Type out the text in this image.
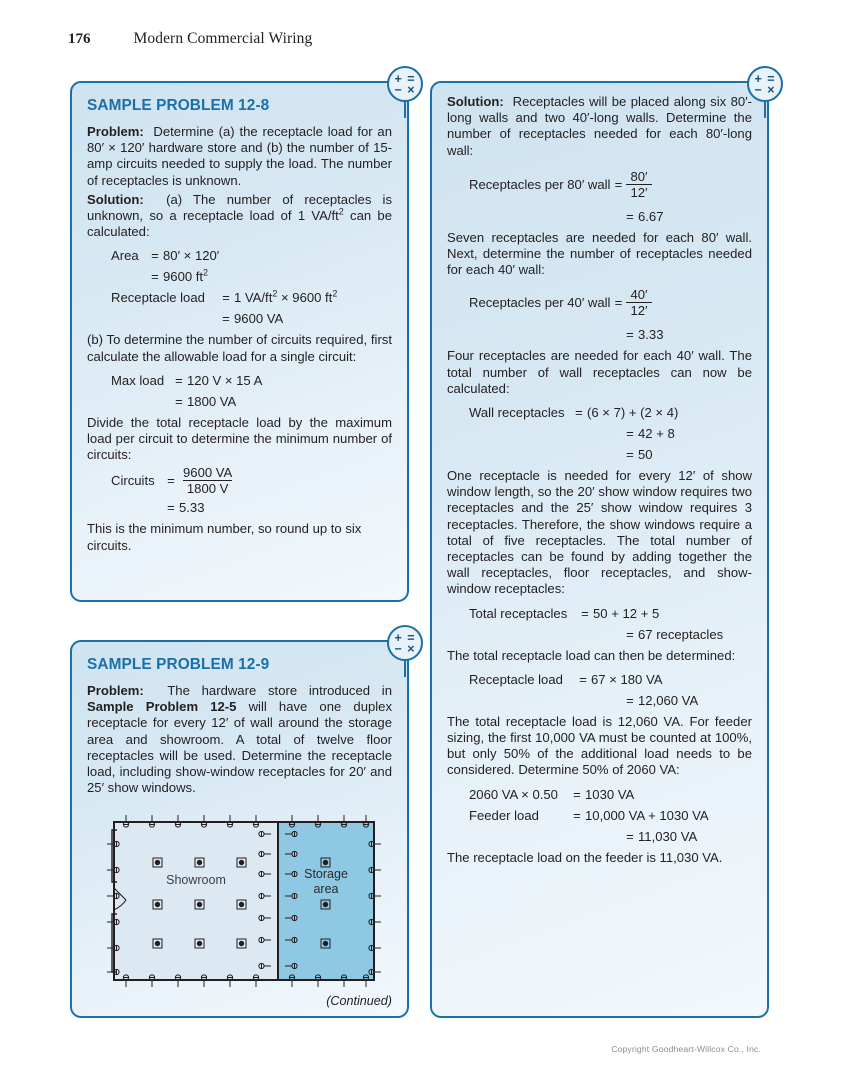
176	Modern Commercial Wiring
SAMPLE PROBLEM 12-8

Problem: Determine (a) the receptacle load for an 80′ × 120′ hardware store and (b) the number of 15-amp circuits needed to supply the load. The number of receptacles is unknown.

Solution: (a) The number of receptacles is unknown, so a receptacle load of 1 $VA/ft^2$ can be calculated:

Area = 80′ × 120′
= 9600 $ft^2$
Receptacle load	= 1 $VA/ft^2 \times 9600$ $ft^2$
= 9600 VA

(b) To determine the number of circuits required, first calculate the allowable load for a single circuit:

Max load = 120 V × 15 A
= 1800 VA

Divide the total receptacle load by the maximum load per circuit to determine the minimum number of circuits:

Circuits = $\frac{9600 VA}{1800 V}$
= 5.33

This is the minimum number, so round up to six circuits.

+ =
− ×
SAMPLE PROBLEM 12-9

Problem: The hardware store introduced in Sample Problem 12-5 will have one duplex receptacle for every 12′ of wall around the storage area and showroom. A total of twelve floor receptacles will be used. Determine the receptacle load, including show-window receptacles for 20′ and 25′ show windows.

Showroom	Storage
area
(Continued)
+ =
− ×

Solution: Receptacles will be placed along six 80′-long walls and two 40′-long walls. Determine the number of receptacles needed for each 80′-long wall:

Receptacles per 80′ wall = $\frac{80'}{12'}$
= 6.67

Seven receptacles are needed for each 80′ wall. Next, determine the number of receptacles needed for each 40′ wall:

Receptacles per 40′ wall = $\frac{40'}{12'}$
= 3.33

Four receptacles are needed for each 40′ wall. The total number of wall receptacles can now be calculated:

Wall receptacles = (6 × 7) + (2 × 4)
= 42 + 8
= 50

One receptacle is needed for every 12′ of show window length, so the 20′ show window requires two receptacles and the 25′ show window requires 3 receptacles. Therefore, the show windows require a total of five receptacles. The total number of receptacles can be found by adding together the wall receptacles, floor receptacles, and show-window receptacles:

Total receptacles	= 50 + 12 + 5
= 67 receptacles

The total receptacle load can then be determined:

Receptacle load	= 67 × 180 VA
= 12,060 VA

The total receptacle load is 12,060 VA. For feeder sizing, the first 10,000 VA must be counted at 100%, but only 50% of the additional load needs to be considered. Determine 50% of 2060 VA:

2060 VA × 0.50	= 1030 VA
Feeder load	= 10,000 VA + 1030 VA
= 11,030 VA

The receptacle load on the feeder is 11,030 VA.

+ =
− ×
Copyright Goodheart-Willcox Co., Inc.
